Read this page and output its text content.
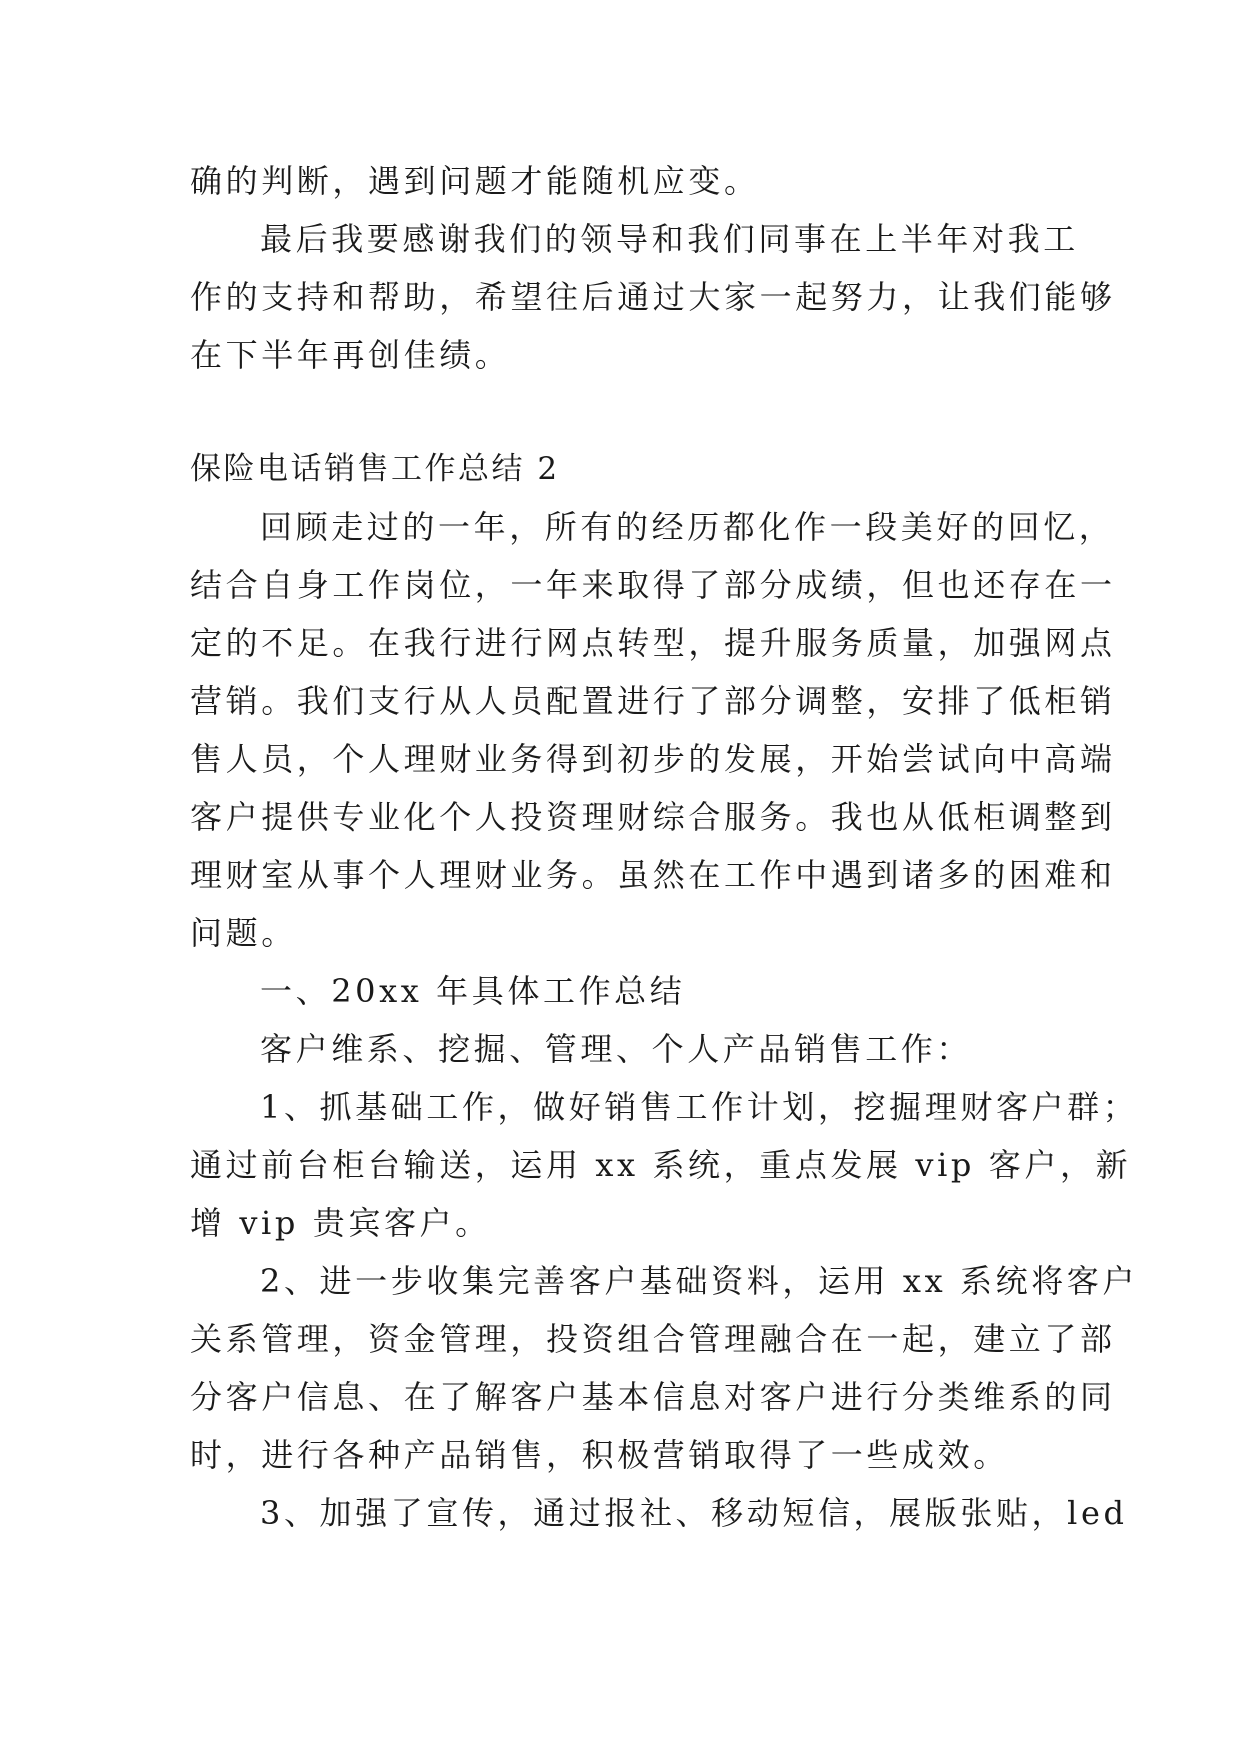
确的判断，遇到问题才能随机应变。
最后我要感谢我们的领导和我们同事在上半年对我工
作的支持和帮助，希望往后通过大家一起努力，让我们能够
在下半年再创佳绩。
保险电话销售工作总结 2
回顾走过的一年，所有的经历都化作一段美好的回忆，
结合自身工作岗位，一年来取得了部分成绩，但也还存在一
定的不足。在我行进行网点转型，提升服务质量，加强网点
营销。我们支行从人员配置进行了部分调整，安排了低柜销
售人员，个人理财业务得到初步的发展，开始尝试向中高端
客户提供专业化个人投资理财综合服务。我也从低柜调整到
理财室从事个人理财业务。虽然在工作中遇到诸多的困难和
问题。
一、20xx 年具体工作总结
客户维系、挖掘、管理、个人产品销售工作：
1、抓基础工作，做好销售工作计划，挖掘理财客户群；
通过前台柜台输送，运用 xx 系统，重点发展 vip 客户，新
增 vip 贵宾客户。
2、进一步收集完善客户基础资料，运用 xx 系统将客户
关系管理，资金管理，投资组合管理融合在一起，建立了部
分客户信息、在了解客户基本信息对客户进行分类维系的同
时，进行各种产品销售，积极营销取得了一些成效。
3、加强了宣传，通过报社、移动短信，展版张贴，led
